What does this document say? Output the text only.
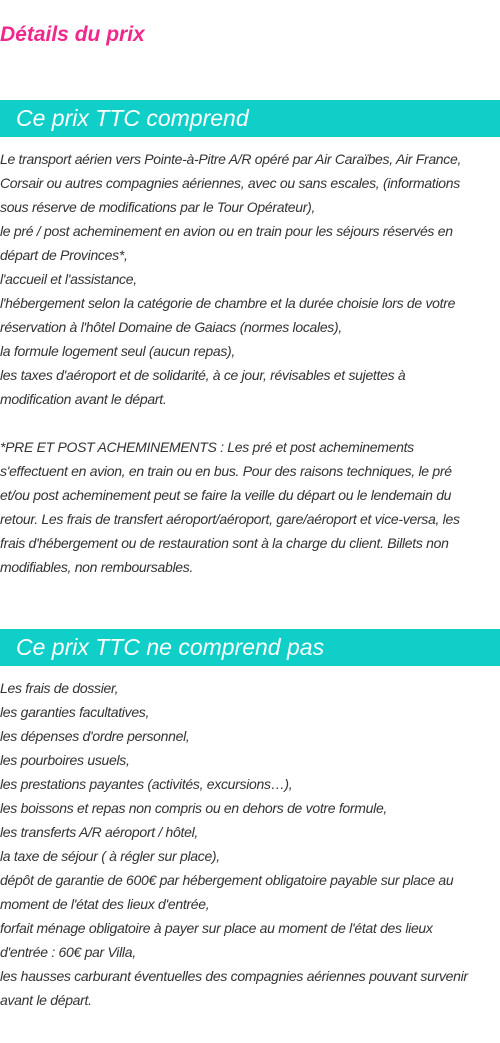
Détails du prix
Ce prix TTC comprend
Le transport aérien vers Pointe-à-Pitre A/R opéré par Air Caraïbes, Air France,
Corsair ou autres compagnies aériennes, avec ou sans escales, (informations
sous réserve de modifications par le Tour Opérateur),
le pré / post acheminement en avion ou en train pour les séjours réservés en
départ de Provinces*,
l'accueil et l'assistance,
l'hébergement selon la catégorie de chambre et la durée choisie lors de votre
réservation à l'hôtel Domaine de Gaiacs (normes locales),
la formule logement seul (aucun repas),
les taxes d'aéroport et de solidarité, à ce jour, révisables et sujettes à
modification avant le départ.
*PRE ET POST ACHEMINEMENTS : Les pré et post acheminements
s'effectuent en avion, en train ou en bus. Pour des raisons techniques, le pré
et/ou post acheminement peut se faire la veille du départ ou le lendemain du
retour. Les frais de transfert aéroport/aéroport, gare/aéroport et vice-versa, les
frais d'hébergement ou de restauration sont à la charge du client. Billets non
modifiables, non remboursables.
Ce prix TTC ne comprend pas
Les frais de dossier,
les garanties facultatives,
les dépenses d'ordre personnel,
les pourboires usuels,
les prestations payantes (activités, excursions…),
les boissons et repas non compris ou en dehors de votre formule,
les transferts A/R aéroport / hôtel,
la taxe de séjour ( à régler sur place),
dépôt de garantie de 600€ par hébergement obligatoire payable sur place au
moment de l'état des lieux d'entrée,
forfait ménage obligatoire à payer sur place au moment de l'état des lieux
d'entrée : 60€ par Villa,
les hausses carburant éventuelles des compagnies aériennes pouvant survenir
avant le départ.
